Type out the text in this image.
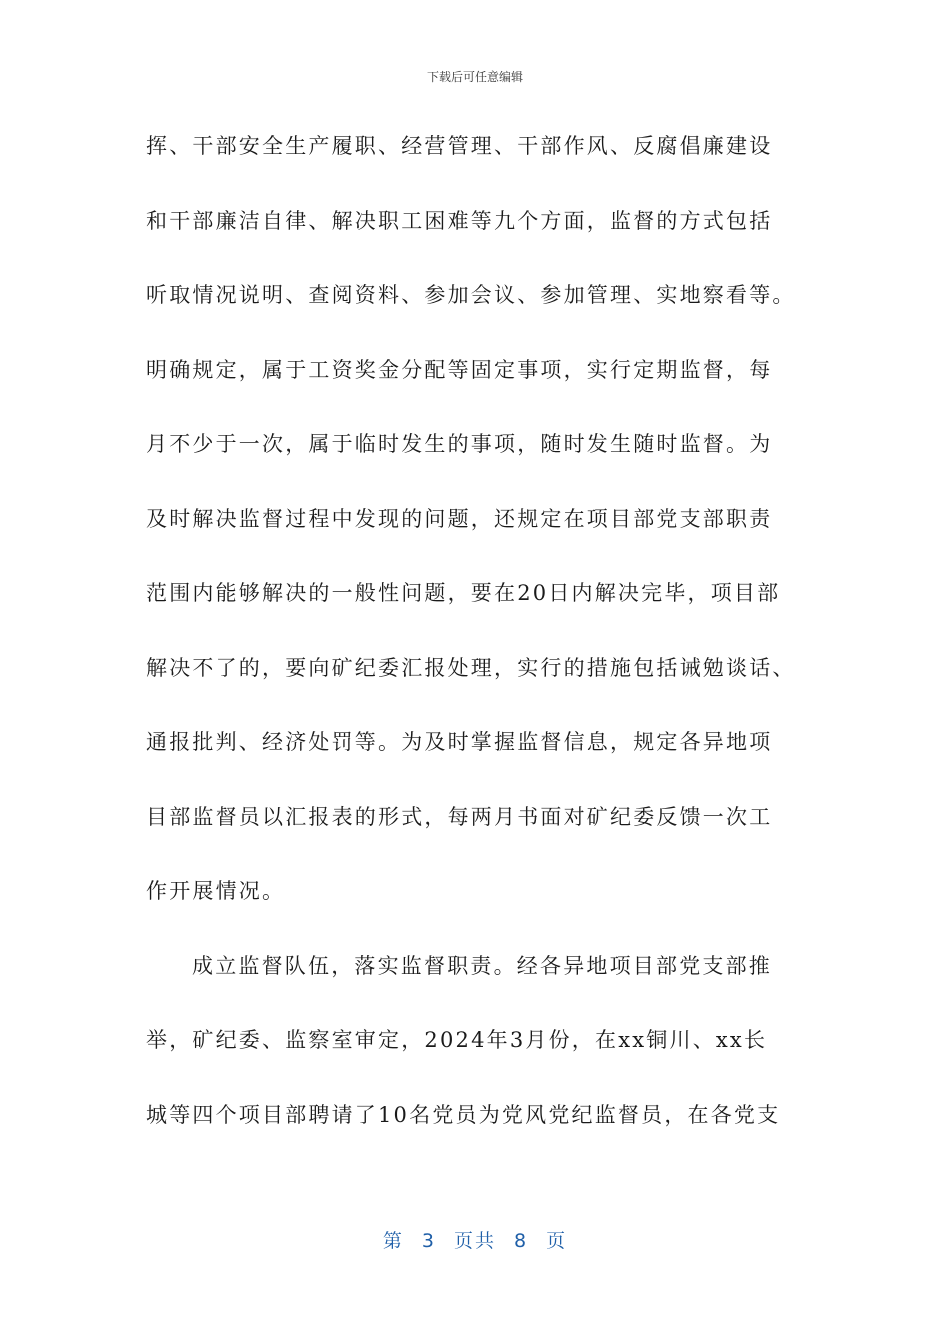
下载后可任意编辑
挥、干部安全生产履职、经营管理、干部作风、反腐倡廉建设
和干部廉洁自律、解决职工困难等九个方面，监督的方式包括
听取情况说明、查阅资料、参加会议、参加管理、实地察看等。
明确规定，属于工资奖金分配等固定事项，实行定期监督，每
月不少于一次，属于临时发生的事项，随时发生随时监督。为
及时解决监督过程中发现的问题，还规定在项目部党支部职责
范围内能够解决的一般性问题，要在20日内解决完毕，项目部
解决不了的，要向矿纪委汇报处理，实行的措施包括诫勉谈话、
通报批判、经济处罚等。为及时掌握监督信息，规定各异地项
目部监督员以汇报表的形式，每两月书面对矿纪委反馈一次工
作开展情况。
成立监督队伍，落实监督职责。经各异地项目部党支部推
举，矿纪委、监察室审定，2024年3月份，在xx铜川、xx长
城等四个项目部聘请了10名党员为党风党纪监督员，在各党支
第 3 页共 8 页
